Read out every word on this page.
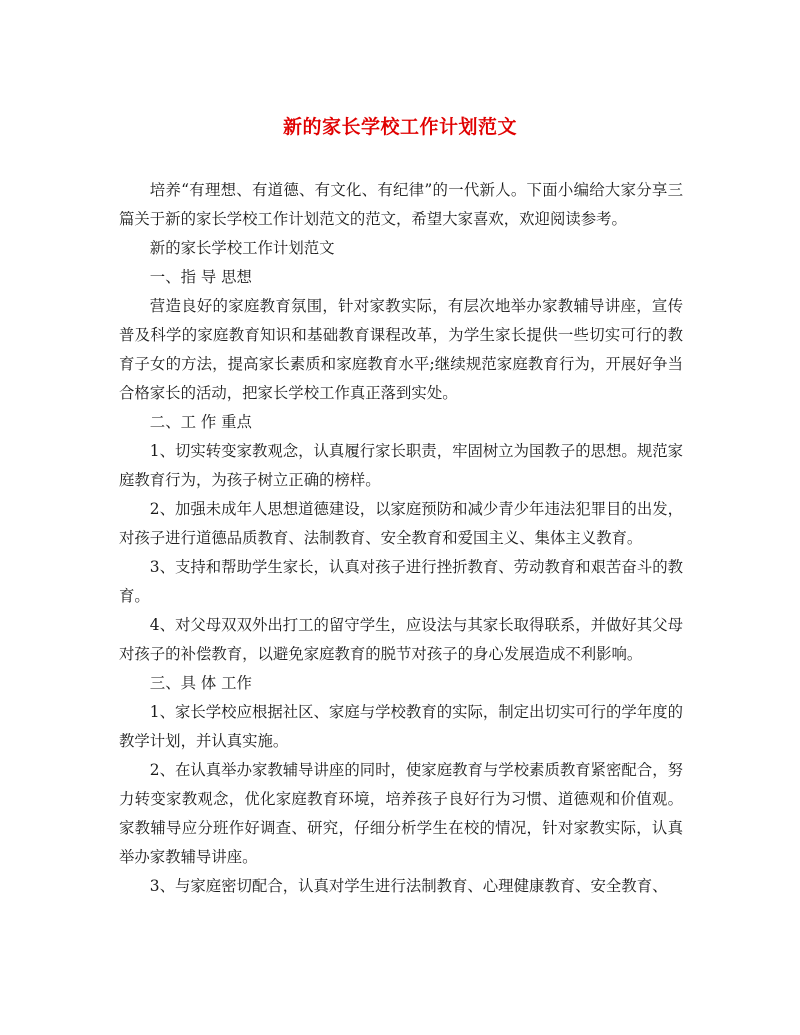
新的家长学校工作计划范文

培养“有理想、有道德、有文化、有纪律”的一代新人。下面小编给大家分享三篇关于新的家长学校工作计划范文的范文，希望大家喜欢，欢迎阅读参考。

新的家长学校工作计划范文

一、指 导 思想

营造良好的家庭教育氛围，针对家教实际，有层次地举办家教辅导讲座，宣传普及科学的家庭教育知识和基础教育课程改革，为学生家长提供一些切实可行的教育子女的方法，提高家长素质和家庭教育水平;继续规范家庭教育行为，开展好争当合格家长的活动，把家长学校工作真正落到实处。

二、工 作 重点

1、切实转变家教观念，认真履行家长职责，牢固树立为国教子的思想。规范家庭教育行为，为孩子树立正确的榜样。

2、加强未成年人思想道德建设，以家庭预防和减少青少年违法犯罪目的出发，对孩子进行道德品质教育、法制教育、安全教育和爱国主义、集体主义教育。

3、支持和帮助学生家长，认真对孩子进行挫折教育、劳动教育和艰苦奋斗的教育。

4、对父母双双外出打工的留守学生，应设法与其家长取得联系，并做好其父母对孩子的补偿教育，以避免家庭教育的脱节对孩子的身心发展造成不利影响。

三、具 体 工作

1、家长学校应根据社区、家庭与学校教育的实际，制定出切实可行的学年度的教学计划，并认真实施。

2、在认真举办家教辅导讲座的同时，使家庭教育与学校素质教育紧密配合，努力转变家教观念，优化家庭教育环境，培养孩子良好行为习惯、道德观和价值观。家教辅导应分班作好调查、研究，仔细分析学生在校的情况，针对家教实际，认真举办家教辅导讲座。

3、与家庭密切配合，认真对学生进行法制教育、心理健康教育、安全教育、
